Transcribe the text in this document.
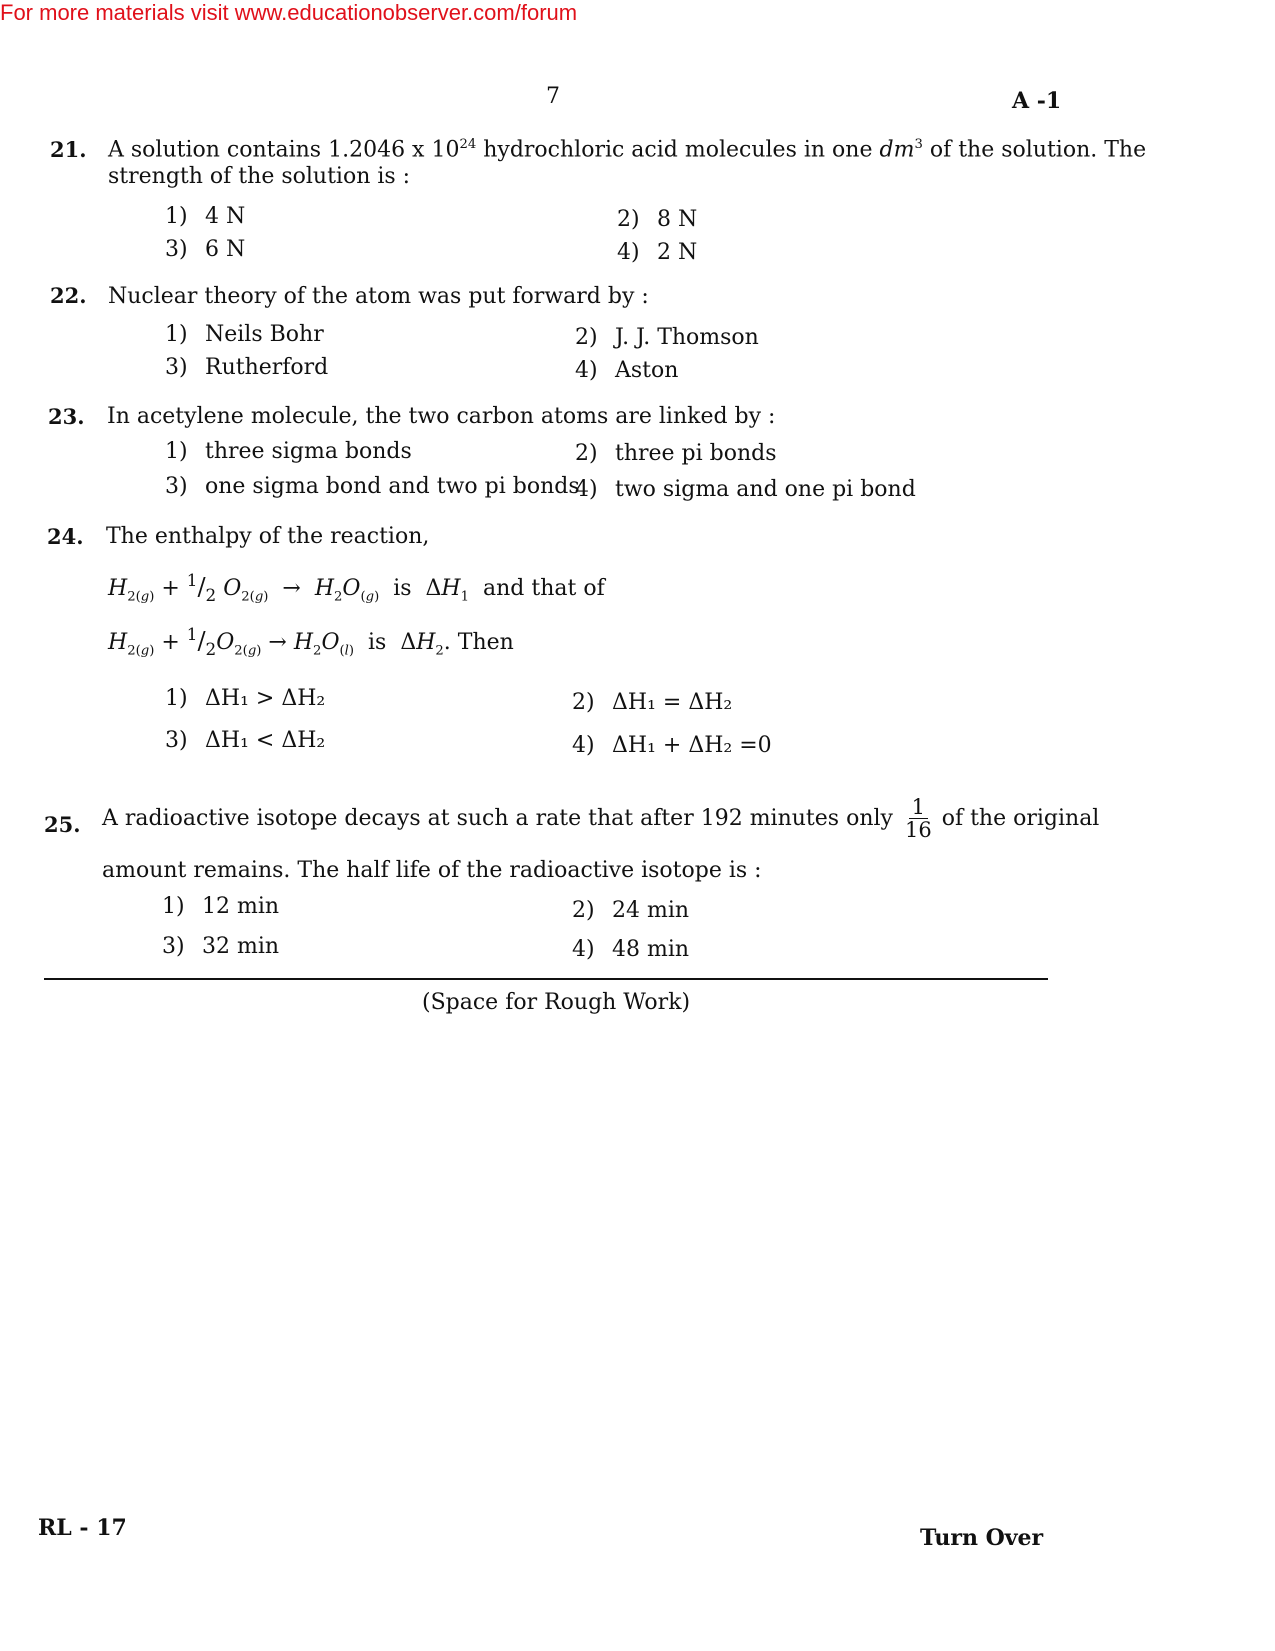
For more materials visit www.educationobserver.com/forum
7	A -1
21. A solution contains 1.2046 x $10^{24}$ hydrochloric acid molecules in one $dm^3$ of the solution. The
strength of the solution is :
1) 4 N	2) 8 N
3) 6 N	4) 2 N
22. Nuclear theory of the atom was put forward by :
1) Neils Bohr	2) J. J. Thomson
3) Rutherford	4) Aston
23. In acetylene molecule, the two carbon atoms are linked by :
1) three sigma bonds	2) three pi bonds
3) one sigma bond and two pi bonds
4) two sigma and one pi bond
24. The enthalpy of the reaction,
$H_{2(g)} + ^1/_2$ $O_{2(g)} \to H_2O_{(g)}$  is  $\Delta H_1$ and that of
$H_{2(g)} + ^1/_2O_{2(g)} \to H_2O_{(l)}$  is  $\Delta H_2$. Then
1) ΔH₁ > ΔH₂	2) ΔH₁ = ΔH₂
3) ΔH₁ < ΔH₂	4) ΔH₁ + ΔH₂ =0
25. A radioactive isotope decays at such a rate that after 192 minutes only $\frac{1}{16}$ of the original
amount remains. The half life of the radioactive isotope is :
1) 12 min	2) 24 min
3) 32 min	4) 48 min
(Space for Rough Work)
RL - 17	Turn Over
